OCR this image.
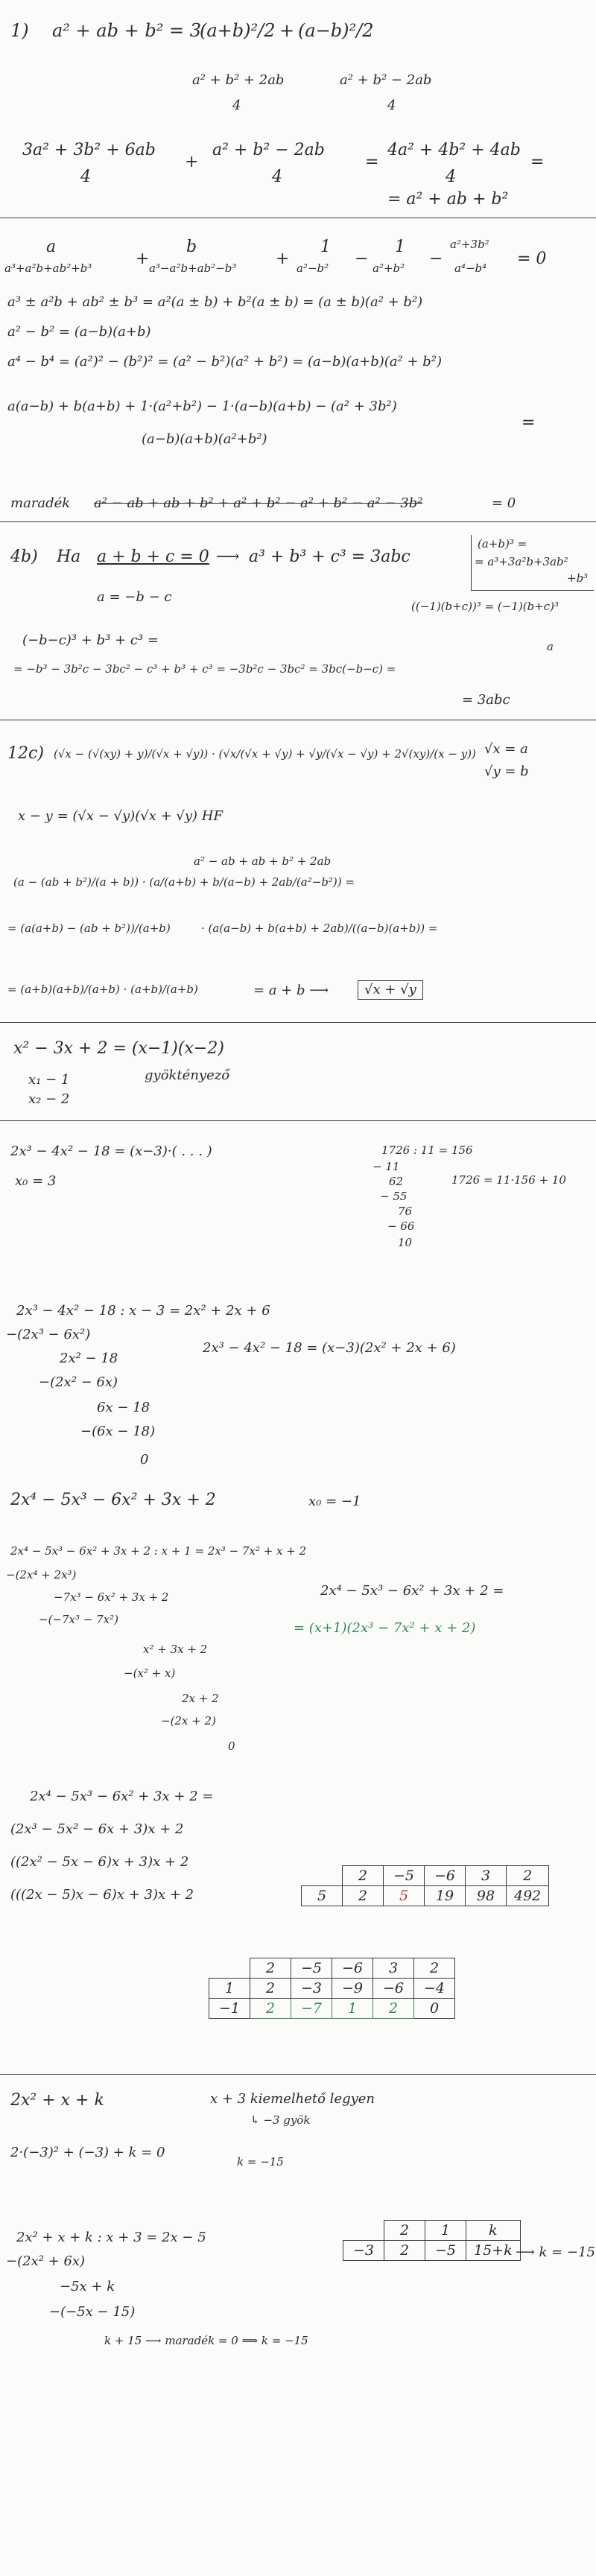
1) a² + ab + b² = 3
(a+b)²/2 + (a−b)²/2
a² + b² + 2ab
4
a² + b² − 2ab
4
3a² + 3b² + 6ab
4
+
a² + b² − 2ab
4
=
4a² + 4b² + 4ab
4
=
= a² + ab + b²
a
a³+a²b+ab²+b³	+
b
a³−a²b+ab²−b³ +
1
a²−b² −
1
a²+b² −
a²+3b²
a⁴−b⁴ = 0
a³ ± a²b + ab² ± b³ = a²(a ± b) + b²(a ± b) = (a ± b)(a² + b²)
a² − b² = (a−b)(a+b)
a⁴ − b⁴ = (a²)² − (b²)² = (a² − b²)(a² + b²) = (a−b)(a+b)(a² + b²)
a(a−b) + b(a+b) + 1·(a²+b²) − 1·(a−b)(a+b) − (a² + 3b²)
(a−b)(a+b)(a²+b²)
=
maradék a² − ab + ab + b² + a² + b² − a² + b² − a² − 3b²	= 0
4b) Ha a + b + c = 0 ⟶ a³ + b³ + c³ = 3abc
a = −b − c
(a+b)³ =
= a³+3a²b+3ab²
+b³
((−1)(b+c))³ = (−1)(b+c)³
(−b−c)³ + b³ + c³ =	a
= −b³ − 3b²c − 3bc² − c³ + b³ + c³ = −3b²c − 3bc² = 3bc(−b−c) =
= 3abc
12c) (√x − (√(xy) + y)/(√x + √y)) · (√x/(√x + √y) + √y/(√x − √y) + 2√(xy)/(x − y)) √x = a
√y = b
x − y = (√x − √y)(√x + √y) HF
a² − ab + ab + b² + 2ab
(a − (ab + b²)/(a + b)) · (a/(a+b) + b/(a−b) + 2ab/(a²−b²)) =
= (a(a+b) − (ab + b²))/(a+b)	· (a(a−b) + b(a+b) + 2ab)/((a−b)(a+b)) =
= (a+b)(a+b)/(a+b) · (a+b)/(a+b)	= a + b ⟶	√x + √y
x² − 3x + 2 = (x−1)(x−2)
gyöktényező
x₁ − 1
x₂ − 2
2x³ − 4x² − 18 = (x−3)·( . . . )
x₀ = 3
1726 : 11 = 156
− 11
62
− 55
76
− 66
10
1726 = 11·156 + 10
2x³ − 4x² − 18 : x − 3 = 2x² + 2x + 6
−(2x³ − 6x²)
2x² − 18
−(2x² − 6x)
6x − 18
−(6x − 18)
0
2x³ − 4x² − 18 = (x−3)(2x² + 2x + 6)
2x⁴ − 5x³ − 6x² + 3x + 2	x₀ = −1
2x⁴ − 5x³ − 6x² + 3x + 2 : x + 1 = 2x³ − 7x² + x + 2
−(2x⁴ + 2x³)
−7x³ − 6x² + 3x + 2
−(−7x³ − 7x²)
x² + 3x + 2
−(x² + x)
2x + 2
−(2x + 2)
0
2x⁴ − 5x³ − 6x² + 3x + 2 =
= (x+1)(2x³ − 7x² + x + 2)
2x⁴ − 5x³ − 6x² + 3x + 2 =
(2x³ − 5x² − 6x + 3)x + 2
((2x² − 5x − 6)x + 3)x + 2
(((2x − 5)x − 6)x + 3)x + 2
	2	−5	−6	3	2
5	2	5	19	98	492
	2	−5	−6	3	2
1	2	−3	−9	−6	−4
−1	2	−7	1	2	0
2x² + x + k	x + 3 kiemelhető legyen
↳ −3 gyök
2·(−3)² + (−3) + k = 0
k = −15
2x² + x + k : x + 3 = 2x − 5
−(2x² + 6x)
−5x + k
−(−5x − 15)
k + 15 ⟶ maradék = 0 ⟹ k = −15
	2	1	k
−3	2	−5	15+k ⟶ k = −15
